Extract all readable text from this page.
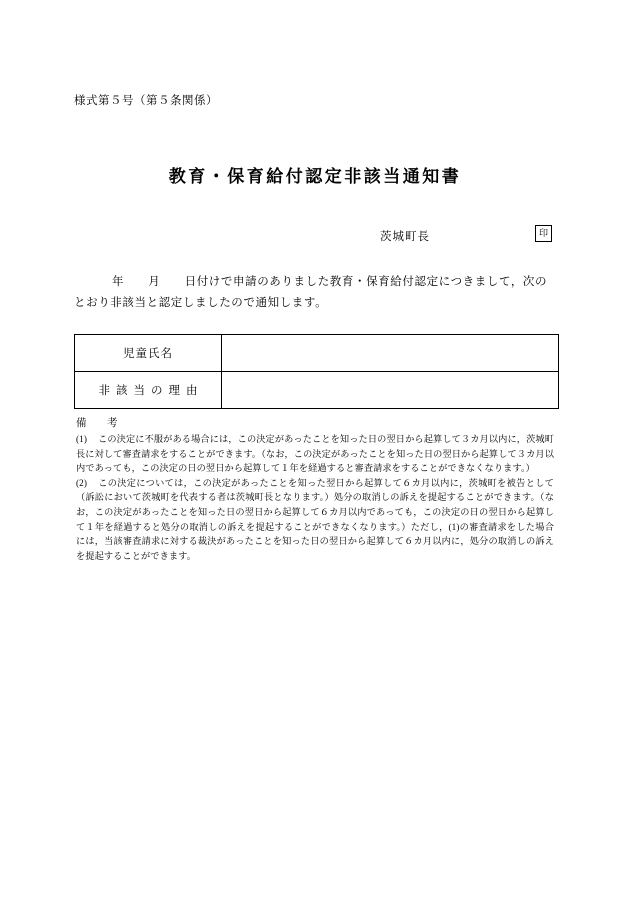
様式第５号（第５条関係）
教育・保育給付認定非該当通知書
茨城町長	印
年　　月　　日付けで申請のありました教育・保育給付認定につきまして，次のとおり非該当と認定しましたので通知します。
児童氏名	
非該当の理由	
備　考
(1) この決定に不服がある場合には，この決定があったことを知った日の翌日から起算して３カ月以内に，茨城町長に対して審査請求をすることができます。（なお，この決定があったことを知った日の翌日から起算して３カ月以内であっても，この決定の日の翌日から起算して１年を経過すると審査請求をすることができなくなります。）
(2) この決定については，この決定があったことを知った翌日から起算して６カ月以内に，茨城町を被告として（訴訟において茨城町を代表する者は茨城町長となります。）処分の取消しの訴えを提起することができます。（なお，この決定があったことを知った日の翌日から起算して６カ月以内であっても，この決定の日の翌日から起算して１年を経過すると処分の取消しの訴えを提起することができなくなります。）ただし，(1)の審査請求をした場合には，当該審査請求に対する裁決があったことを知った日の翌日から起算して６カ月以内に，処分の取消しの訴えを提起することができます。
